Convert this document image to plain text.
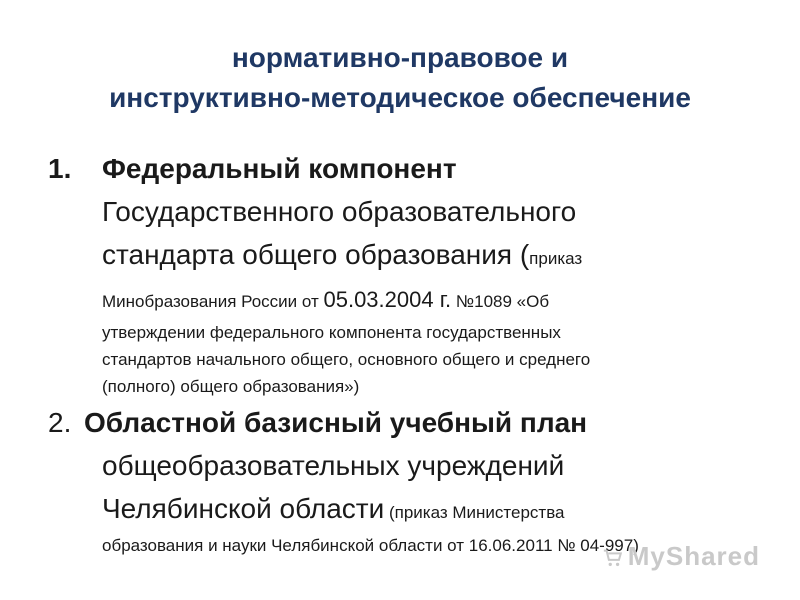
нормативно-правовое и
инструктивно-методическое обеспечение
1. Федеральный компонент
Государственного образовательного
стандарта общего образования (приказ
Минобразования России от 05.03.2004 г. №1089 «Об
утверждении федерального компонента государственных
стандартов начального общего, основного общего и среднего
(полного) общего образования»)
2. Областной базисный учебный план
общеобразовательных учреждений
Челябинской области (приказ Министерства
образования и науки Челябинской области от 16.06.2011 № 04-997)
MyShared
